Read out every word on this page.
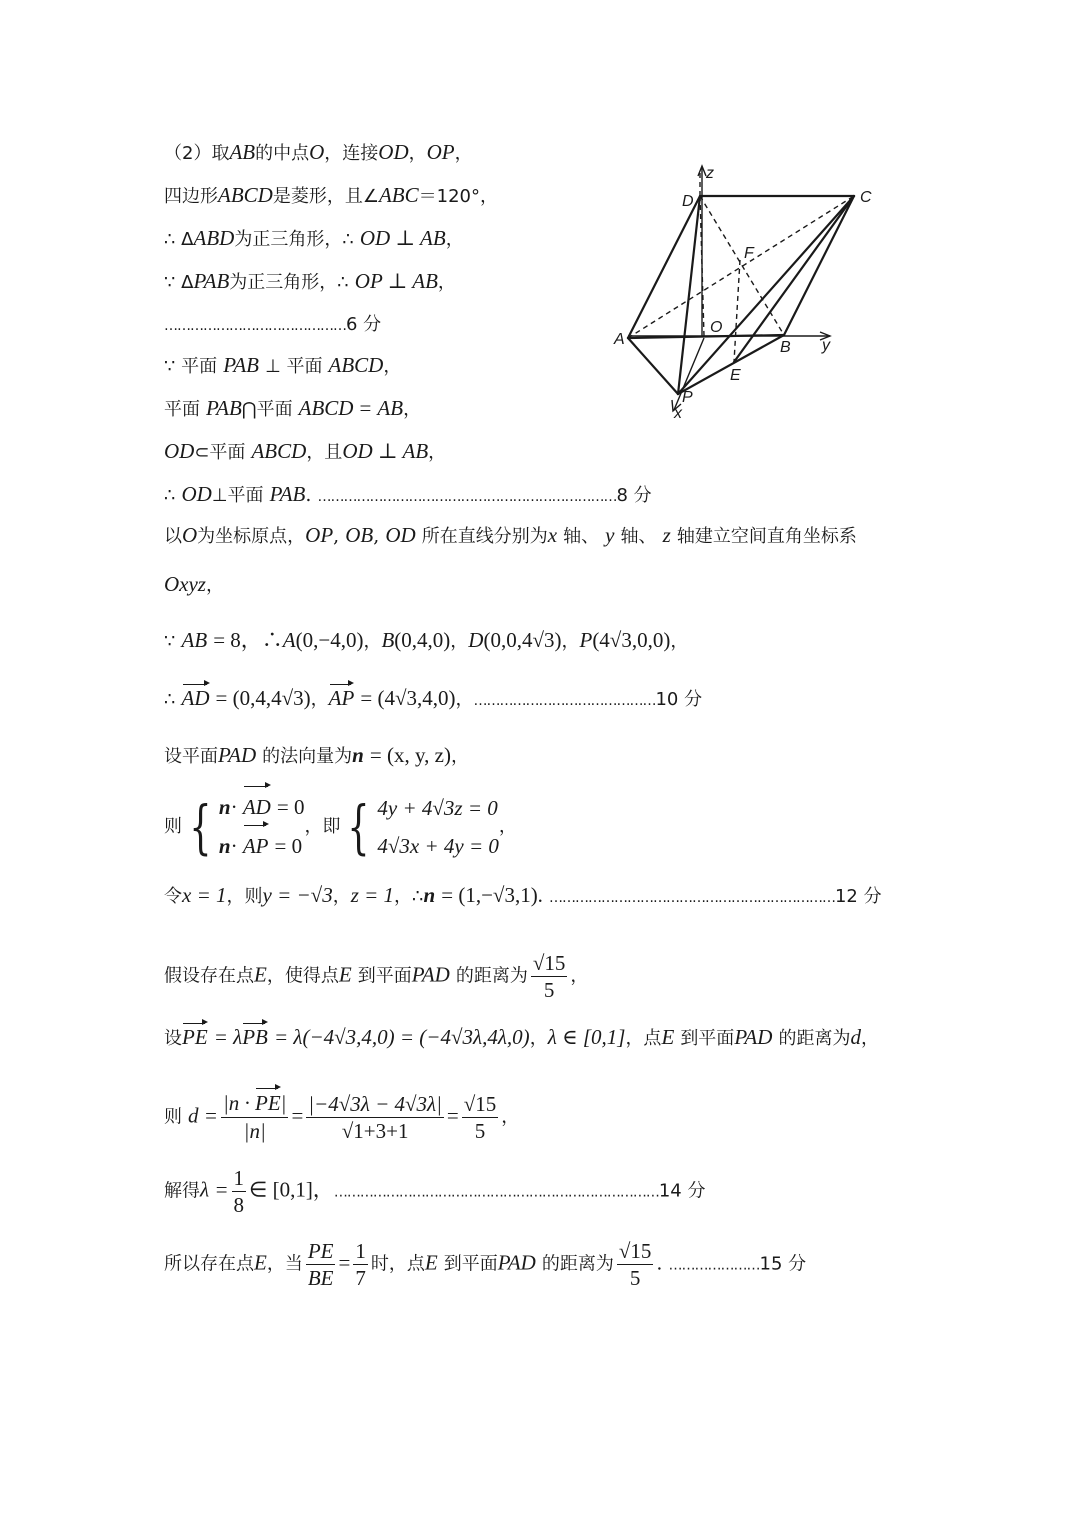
z
D	C
F
A
O
B y
E
P
x
（2）取AB的中点O，连接OD，OP，
四边形ABCD是菱形，且∠ABC＝120°，
∴ ΔABD为正三角形，∴ OD ⊥ AB，
∵ ΔPAB为正三角形，∴ OP ⊥ AB，
……………………………………6 分
∵ 平面 PAB ⊥ 平面 ABCD，
平面 PAB⋂平面 ABCD = AB，
OD⊂平面 ABCD，且OD ⊥ AB，
∴ OD⊥平面 PAB. ……………………………………………………………8 分
以O为坐标原点，OP, OB, OD 所在直线分别为x 轴、 y 轴、 z 轴建立空间直角坐标系
Oxyz，
∵ AB = 8，∴A(0,−4,0)，B(0,4,0)，D(0,0,4√3)，P(4√3,0,0)，
∴ AD = (0,4,4√3)，AP = (4√3,4,0)，……………………………………10 分
设平面PAD 的法向量为n = (x, y, z)，
则 { n· AD = 0
n· AP = 0
，即 { 4y + 4√3z = 0
4√3x + 4y = 0
，
令x = 1，则y = −√3，z = 1，∴n = (1,−√3,1). …………………………………………………………12 分
假设存在点E，使得点E 到平面PAD 的距离为 $\frac{√15}{5}$ ，
设PE = λPB = λ(−4√3,4,0) = (−4√3λ,4λ,0)，λ ∈ [0,1]，点E 到平面PAD 的距离为d，
则 $d = \frac{|n \cdot PE|}{|n|} = \frac{|-4√3\lambda - 4√3\lambda|}{√1+3+1} = \frac{√15}{5}$ ，
解得$\lambda = \frac{1}{8}$ ∈ [0,1]，…………………………………………………………………14 分
所以存在点E，当 $\frac{PE}{BE} = \frac{1}{7}$ 时，点E 到平面PAD 的距离为 $\frac{√15}{5}$ . …………………15 分
